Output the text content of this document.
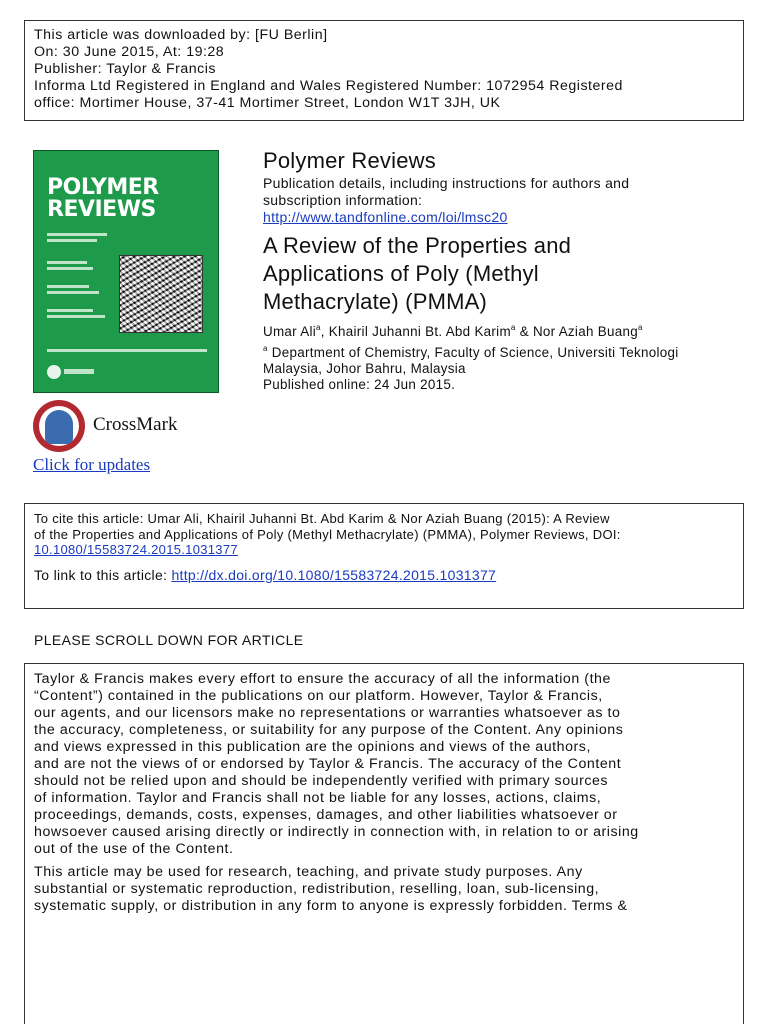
This article was downloaded by: [FU Berlin]
On: 30 June 2015, At: 19:28
Publisher: Taylor & Francis
Informa Ltd Registered in England and Wales Registered Number: 1072954 Registered
office: Mortimer House, 37-41 Mortimer Street, London W1T 3JH, UK
POLYMER
REVIEWS
CrossMark
Click for updates
Polymer Reviews
Publication details, including instructions for authors and
subscription information:
http://www.tandfonline.com/loi/lmsc20
A Review of the Properties and
Applications of Poly (Methyl
Methacrylate) (PMMA)
Umar Ali$^a$, Khairil Juhanni Bt. Abd Karim$^a$ & Nor Aziah Buang$^a$
$^a$ Department of Chemistry, Faculty of Science, Universiti Teknologi
Malaysia, Johor Bahru, Malaysia
Published online: 24 Jun 2015.
To cite this article: Umar Ali, Khairil Juhanni Bt. Abd Karim & Nor Aziah Buang (2015): A Review
of the Properties and Applications of Poly (Methyl Methacrylate) (PMMA), Polymer Reviews, DOI:
10.1080/15583724.2015.1031377
To link to this article: http://dx.doi.org/10.1080/15583724.2015.1031377
PLEASE SCROLL DOWN FOR ARTICLE
Taylor & Francis makes every effort to ensure the accuracy of all the information (the
“Content”) contained in the publications on our platform. However, Taylor & Francis,
our agents, and our licensors make no representations or warranties whatsoever as to
the accuracy, completeness, or suitability for any purpose of the Content. Any opinions
and views expressed in this publication are the opinions and views of the authors,
and are not the views of or endorsed by Taylor & Francis. The accuracy of the Content
should not be relied upon and should be independently verified with primary sources
of information. Taylor and Francis shall not be liable for any losses, actions, claims,
proceedings, demands, costs, expenses, damages, and other liabilities whatsoever or
howsoever caused arising directly or indirectly in connection with, in relation to or arising
out of the use of the Content.
This article may be used for research, teaching, and private study purposes. Any
substantial or systematic reproduction, redistribution, reselling, loan, sub-licensing,
systematic supply, or distribution in any form to anyone is expressly forbidden. Terms &
